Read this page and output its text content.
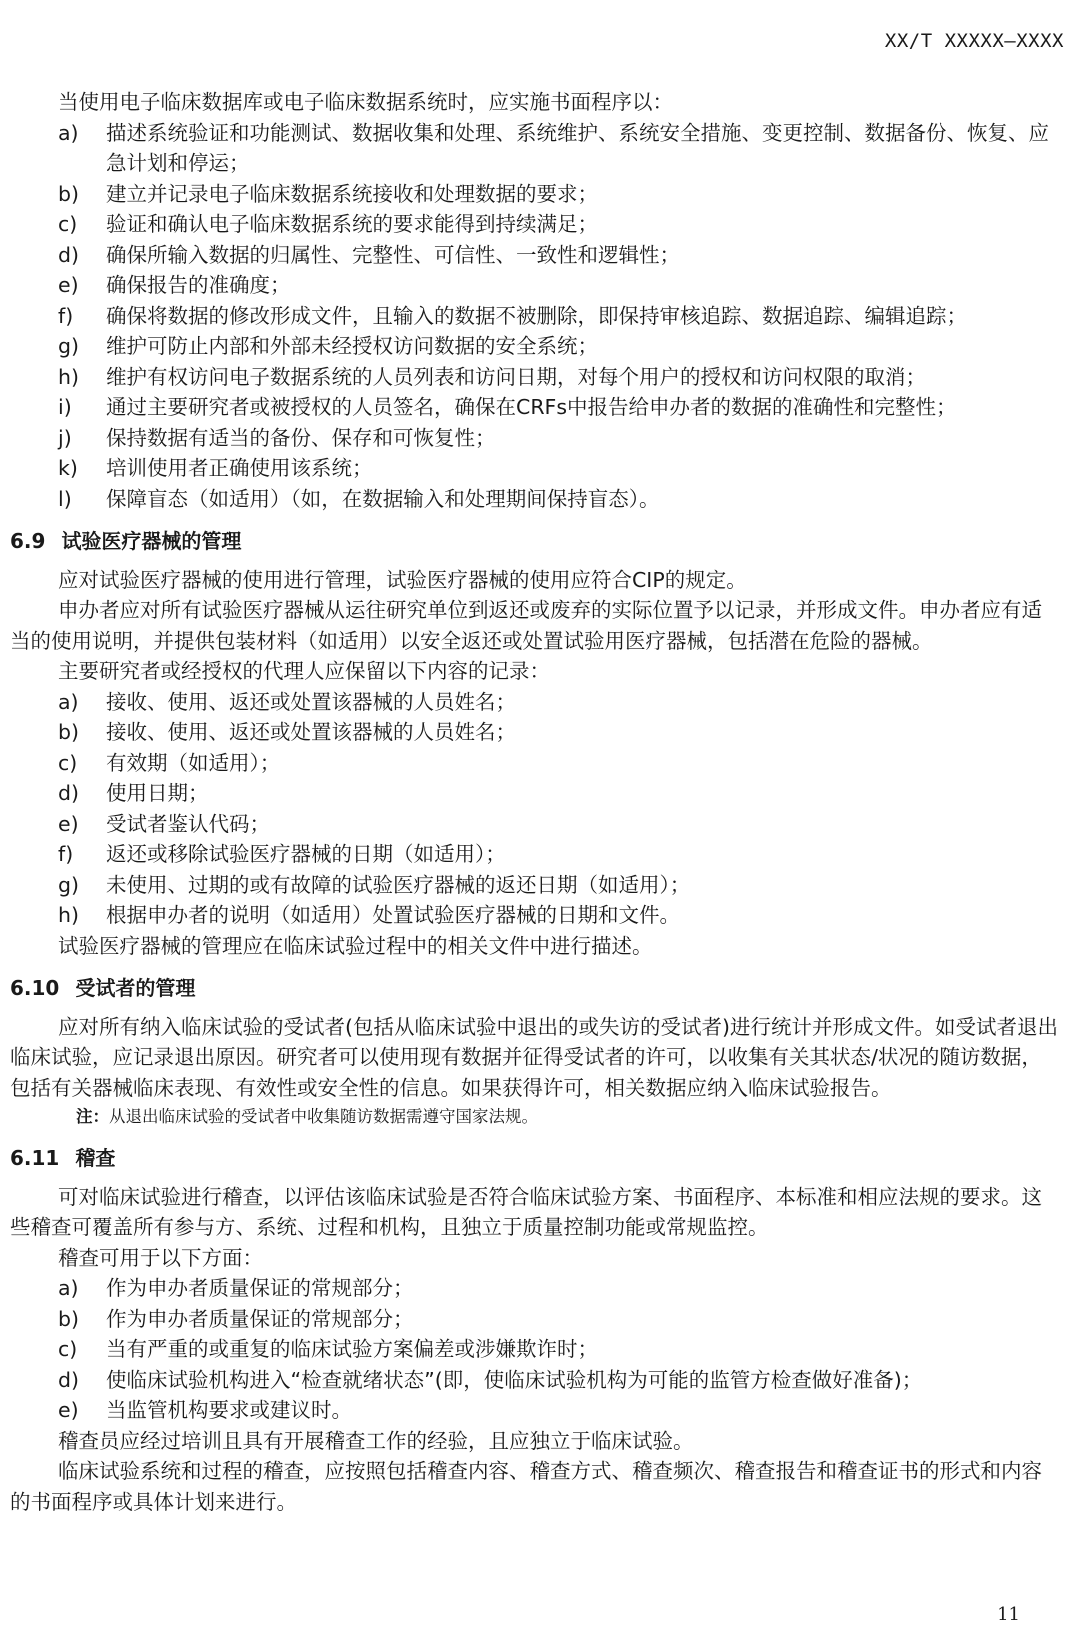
XX/T XXXXX—XXXX

当使用电子临床数据库或电子临床数据系统时，应实施书面程序以：

a)	描述系统验证和功能测试、数据收集和处理、系统维护、系统安全措施、变更控制、数据备份、恢复、应急计划和停运；
b)	建立并记录电子临床数据系统接收和处理数据的要求；
c)	验证和确认电子临床数据系统的要求能得到持续满足；
d)	确保所输入数据的归属性、完整性、可信性、一致性和逻辑性；
e)	确保报告的准确度；
f)	确保将数据的修改形成文件，且输入的数据不被删除，即保持审核追踪、数据追踪、编辑追踪；
g)	维护可防止内部和外部未经授权访问数据的安全系统；
h)	维护有权访问电子数据系统的人员列表和访问日期，对每个用户的授权和访问权限的取消；
i)	通过主要研究者或被授权的人员签名，确保在CRFs中报告给申办者的数据的准确性和完整性；
j)	保持数据有适当的备份、保存和可恢复性；
k)	培训使用者正确使用该系统；
l)	保障盲态（如适用）（如，在数据输入和处理期间保持盲态）。
6.9 试验医疗器械的管理

应对试验医疗器械的使用进行管理，试验医疗器械的使用应符合CIP的规定。

申办者应对所有试验医疗器械从运往研究单位到返还或废弃的实际位置予以记录，并形成文件。申办者应有适当的使用说明，并提供包装材料（如适用）以安全返还或处置试验用医疗器械，包括潜在危险的器械。

主要研究者或经授权的代理人应保留以下内容的记录：

a)	接收、使用、返还或处置该器械的人员姓名；
b)	接收、使用、返还或处置该器械的人员姓名；
c)	有效期（如适用）；
d)	使用日期；
e)	受试者鉴认代码；
f)	返还或移除试验医疗器械的日期（如适用）；
g)	未使用、过期的或有故障的试验医疗器械的返还日期（如适用）；
h)	根据申办者的说明（如适用）处置试验医疗器械的日期和文件。

试验医疗器械的管理应在临床试验过程中的相关文件中进行描述。

6.10 受试者的管理

应对所有纳入临床试验的受试者(包括从临床试验中退出的或失访的受试者)进行统计并形成文件。如受试者退出临床试验，应记录退出原因。研究者可以使用现有数据并征得受试者的许可，以收集有关其状态/状况的随访数据，包括有关器械临床表现、有效性或安全性的信息。如果获得许可，相关数据应纳入临床试验报告。

注：从退出临床试验的受试者中收集随访数据需遵守国家法规。

6.11 稽查

可对临床试验进行稽查，以评估该临床试验是否符合临床试验方案、书面程序、本标准和相应法规的要求。这些稽查可覆盖所有参与方、系统、过程和机构，且独立于质量控制功能或常规监控。

稽查可用于以下方面：

a)	作为申办者质量保证的常规部分；
b)	作为申办者质量保证的常规部分；
c)	当有严重的或重复的临床试验方案偏差或涉嫌欺诈时；
d)	使临床试验机构进入“检查就绪状态”(即，使临床试验机构为可能的监管方检查做好准备)；
e)	当监管机构要求或建议时。

稽查员应经过培训且具有开展稽查工作的经验，且应独立于临床试验。

临床试验系统和过程的稽查，应按照包括稽查内容、稽查方式、稽查频次、稽查报告和稽查证书的形式和内容的书面程序或具体计划来进行。

11
